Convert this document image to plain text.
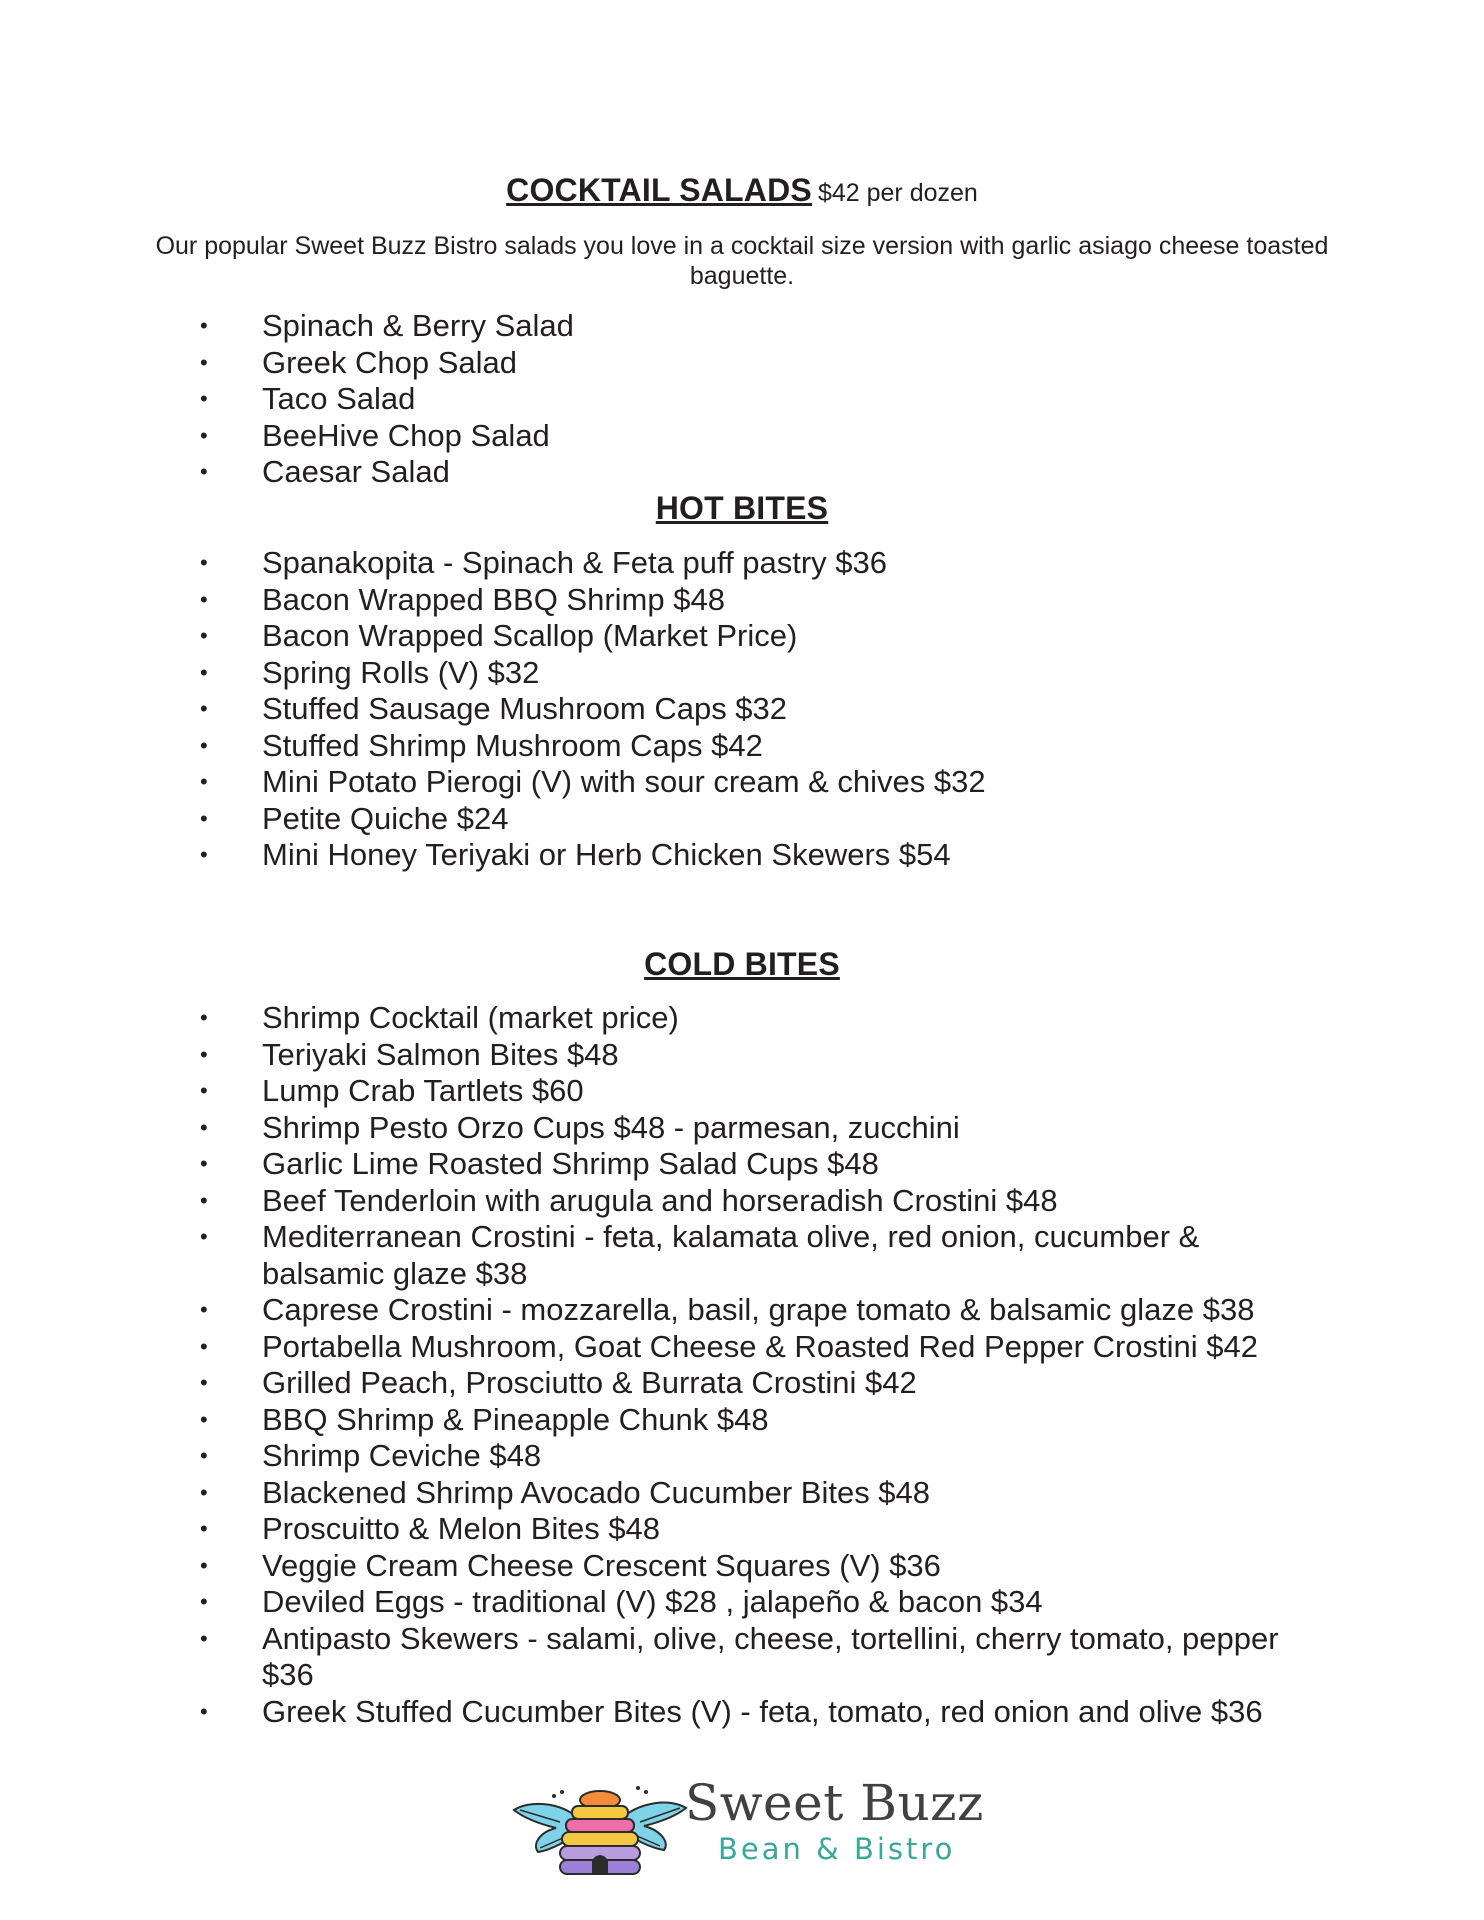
COCKTAIL SALADS $42 per dozen
Our popular Sweet Buzz Bistro salads you love in a cocktail size version with garlic asiago cheese toasted baguette.
• Spinach & Berry Salad
• Greek Chop Salad
• Taco Salad
• BeeHive Chop Salad
• Caesar Salad
HOT BITES
• Spanakopita - Spinach & Feta puff pastry $36
• Bacon Wrapped BBQ Shrimp $48
• Bacon Wrapped Scallop (Market Price)
• Spring Rolls (V) $32
• Stuffed Sausage Mushroom Caps $32
• Stuffed Shrimp Mushroom Caps $42
• Mini Potato Pierogi (V) with sour cream & chives $32
• Petite Quiche $24
• Mini Honey Teriyaki or Herb Chicken Skewers $54
COLD BITES
• Shrimp Cocktail (market price)
• Teriyaki Salmon Bites $48
• Lump Crab Tartlets $60
• Shrimp Pesto Orzo Cups $48 - parmesan, zucchini
• Garlic Lime Roasted Shrimp Salad Cups $48
• Beef Tenderloin with arugula and horseradish Crostini $48
• Mediterranean Crostini - feta, kalamata olive, red onion, cucumber & balsamic glaze $38
• Caprese Crostini - mozzarella, basil, grape tomato & balsamic glaze $38
• Portabella Mushroom, Goat Cheese & Roasted Red Pepper Crostini $42
• Grilled Peach, Prosciutto & Burrata Crostini $42
• BBQ Shrimp & Pineapple Chunk $48
• Shrimp Ceviche $48
• Blackened Shrimp Avocado Cucumber Bites $48
• Proscuitto & Melon Bites $48
• Veggie Cream Cheese Crescent Squares (V) $36
• Deviled Eggs - traditional (V) $28 , jalapeño & bacon $34
• Antipasto Skewers - salami, olive, cheese, tortellini, cherry tomato, pepper $36
• Greek Stuffed Cucumber Bites (V) - feta, tomato, red onion and olive $36
Sweet Buzz
Bean & Bistro
